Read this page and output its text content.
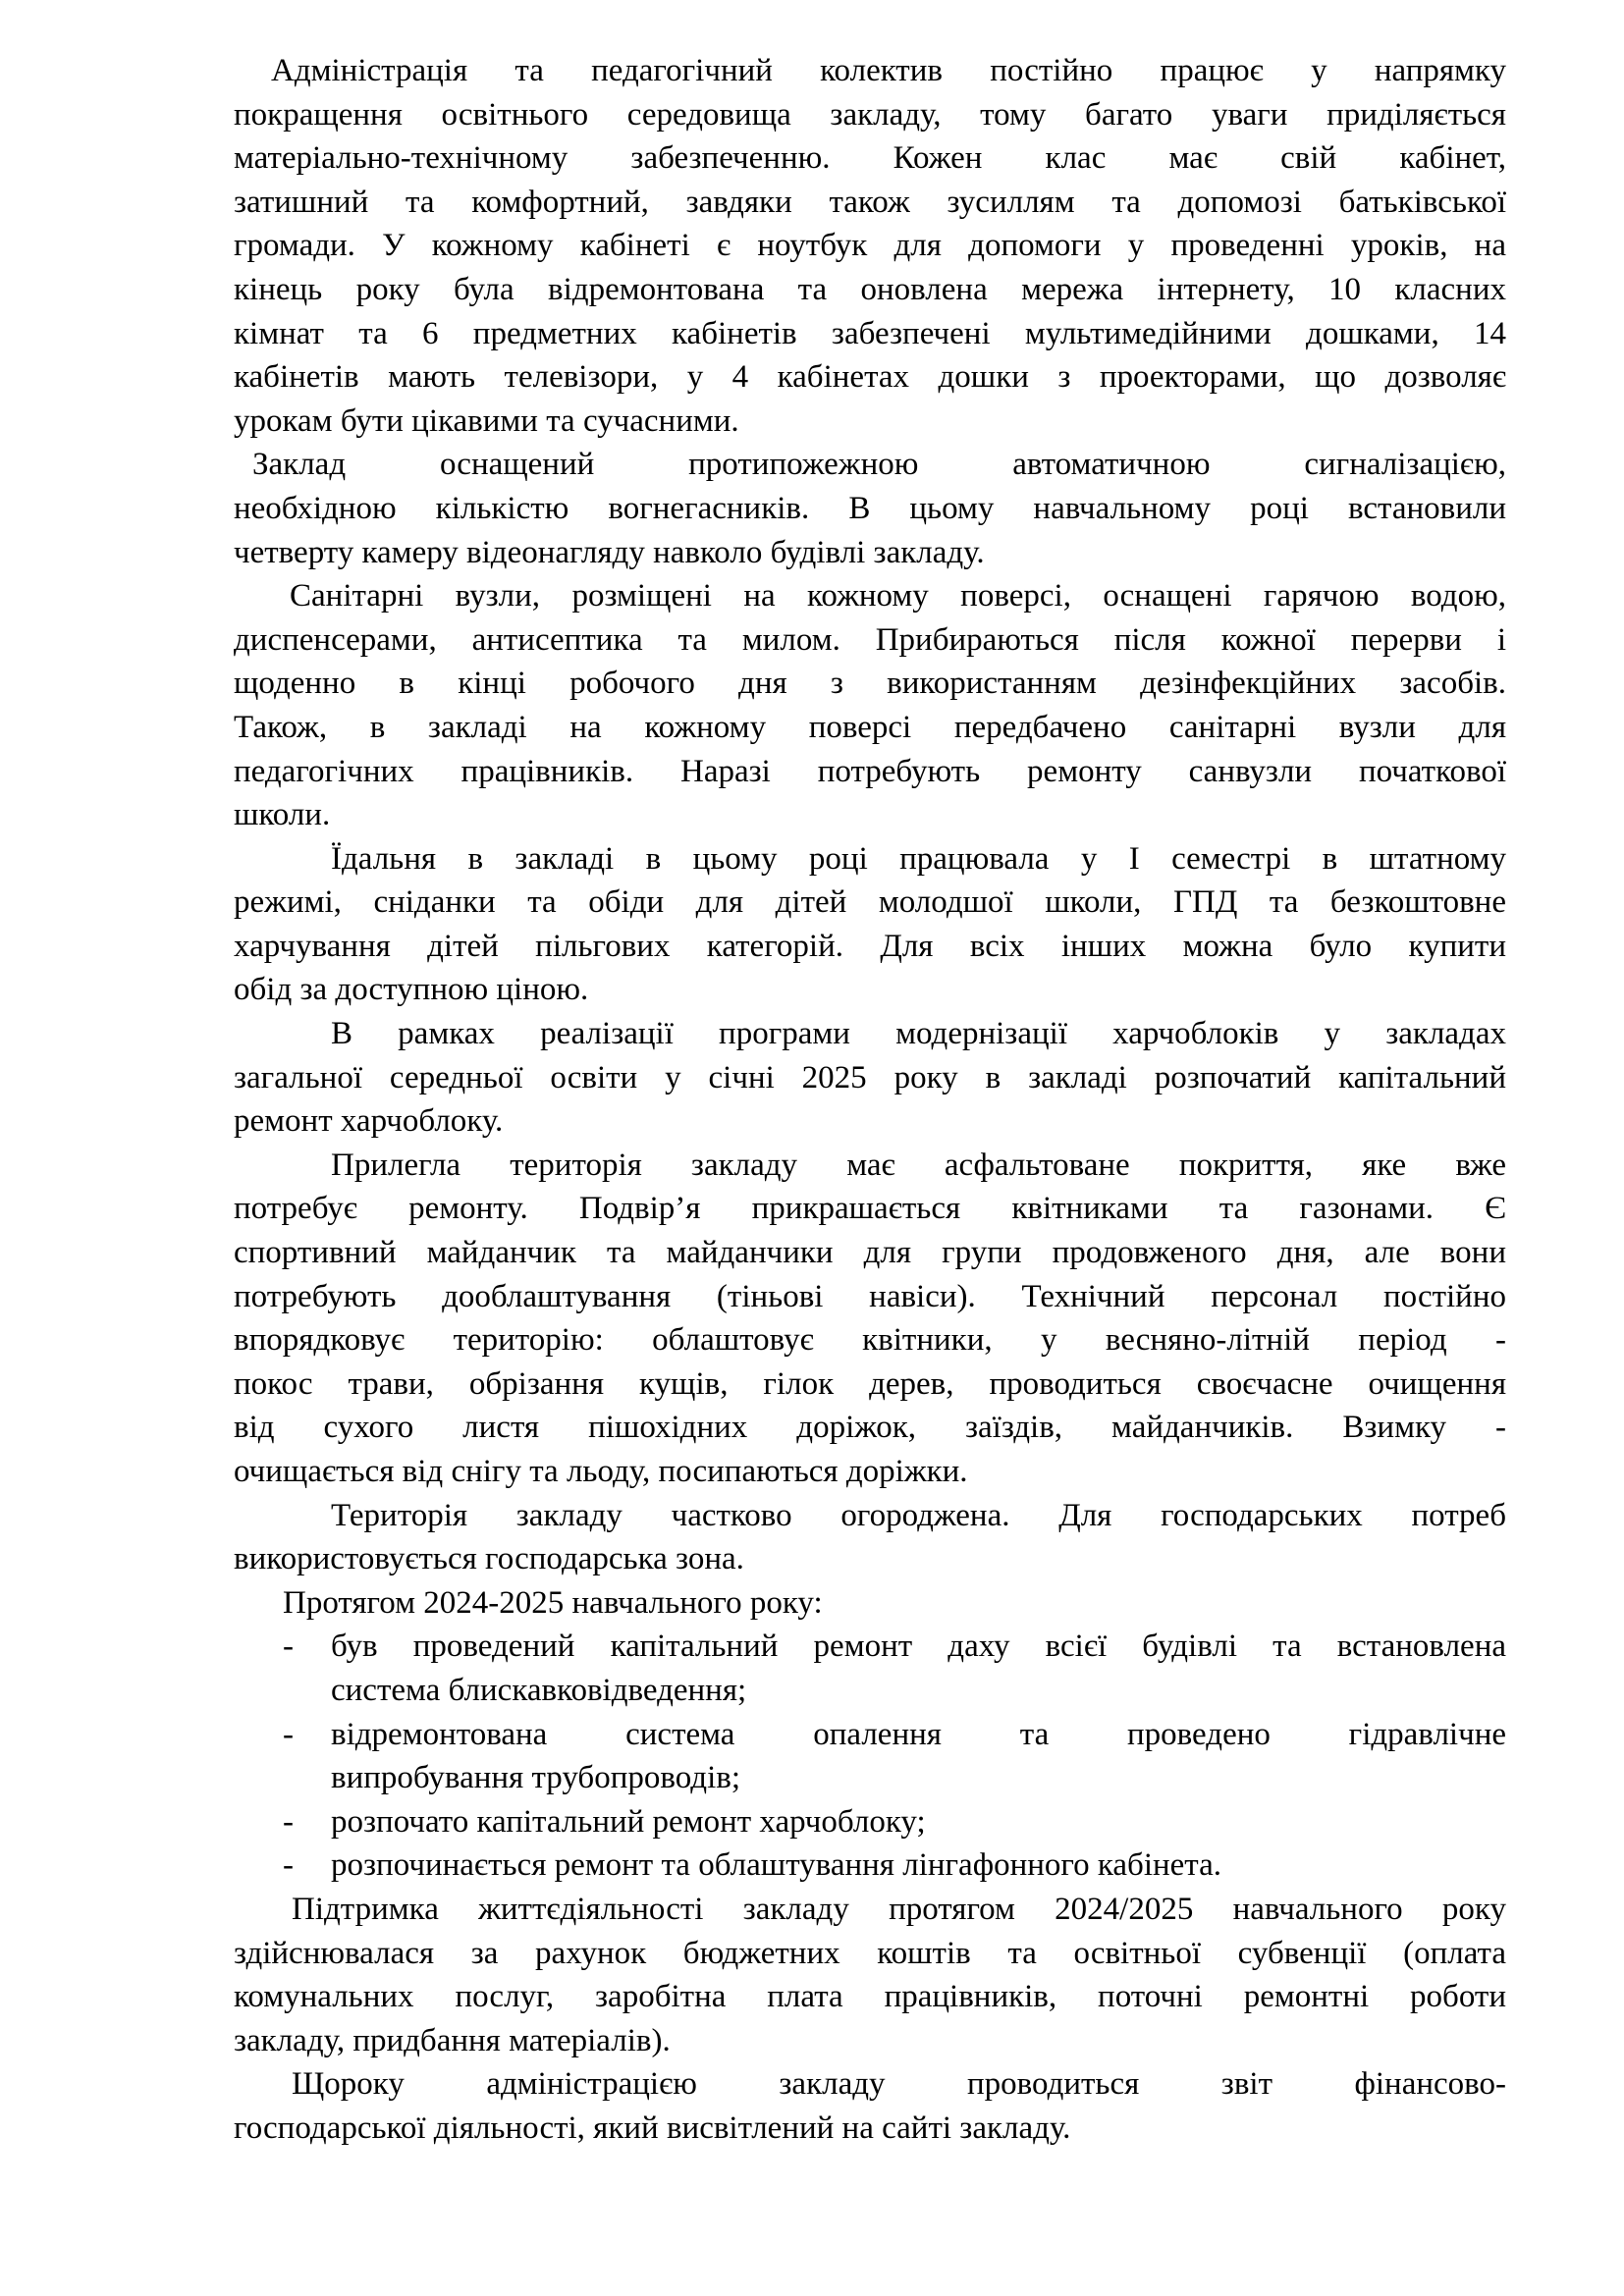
Адміністрація та педагогічний колектив постійно працює у напрямку
покращення освітнього середовища закладу, тому багато уваги приділяється
матеріально-технічному забезпеченню. Кожен клас має свій кабінет,
затишний та комфортний, завдяки також зусиллям та допомозі батьківської
громади. У кожному кабінеті є ноутбук для допомоги у проведенні уроків, на
кінець року була відремонтована та оновлена мережа інтернету, 10 класних
кімнат та 6 предметних кабінетів забезпечені мультимедійними дошками, 14
кабінетів мають телевізори, у 4 кабінетах дошки з проекторами, що дозволяє
урокам бути цікавими та сучасними.
Заклад оснащений протипожежною автоматичною сигналізацією,
необхідною кількістю вогнегасників. В цьому навчальному році встановили
четверту камеру відеонагляду навколо будівлі закладу.
Санітарні вузли, розміщені на кожному поверсі, оснащені гарячою водою,
диспенсерами, антисептика та милом. Прибираються після кожної перерви і
щоденно в кінці робочого дня з використанням дезінфекційних засобів.
Також, в закладі на кожному поверсі передбачено санітарні вузли для
педагогічних працівників. Наразі потребують ремонту санвузли початкової
школи.
Їдальня в закладі в цьому році працювала у І семестрі в штатному
режимі, сніданки та обіди для дітей молодшої школи, ГПД та безкоштовне
харчування дітей пільгових категорій. Для всіх інших можна було купити
обід за доступною ціною.
В рамках реалізації програми модернізації харчоблоків у закладах
загальної середньої освіти у січні 2025 року в закладі розпочатий капітальний
ремонт харчоблоку.
Прилегла територія закладу має асфальтоване покриття, яке вже
потребує ремонту. Подвір’я прикрашається квітниками та газонами. Є
спортивний майданчик та майданчики для групи продовженого дня, але вони
потребують дооблаштування (тіньові навіси). Технічний персонал постійно
впорядковує територію: облаштовує квітники, у весняно-літній період -
покос трави, обрізання кущів, гілок дерев, проводиться своєчасне очищення
від сухого листя пішохідних доріжок, заїздів, майданчиків. Взимку -
очищається від снігу та льоду, посипаються доріжки.
Територія закладу частково огороджена. Для господарських потреб
використовується господарська зона.
Протягом 2024-2025 навчального року:
- був проведений капітальний ремонт даху всієї будівлі та встановлена
система блискавковідведення;
- відремонтована система опалення та проведено гідравлічне
випробування трубопроводів;
- розпочато капітальний ремонт харчоблоку;
- розпочинається ремонт та облаштування лінгафонного кабінета.
Підтримка життєдіяльності закладу протягом 2024/2025 навчального року
здійснювалася за рахунок бюджетних коштів та освітньої субвенції (оплата
комунальних послуг, заробітна плата працівників, поточні ремонтні роботи
закладу, придбання матеріалів).
Щороку адміністрацією закладу проводиться звіт фінансово-
господарської діяльності, який висвітлений на сайті закладу.
